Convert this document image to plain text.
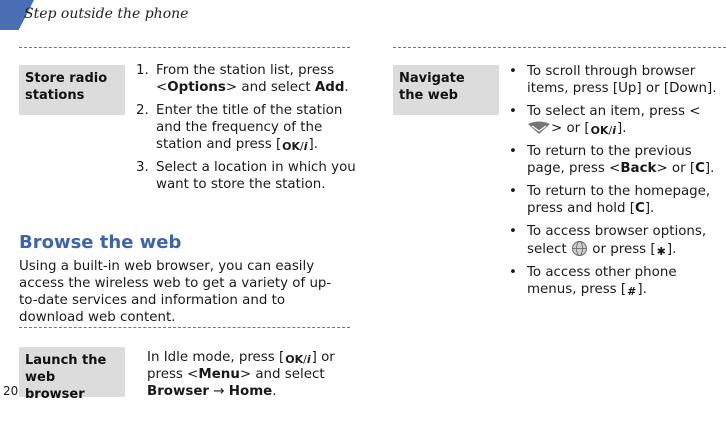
Step outside the phone
Store radio stations
1. From the station list, press <Options> and select Add.
2. Enter the title of the station and the frequency of the station and press [OK/i].
3. Select a location in which you want to store the station.
Browse the web
Using a built-in web browser, you can easily access the wireless web to get a variety of up-to-date services and information and to download web content.
Launch the web browser
In Idle mode, press [OK/i] or press <Menu> and select Browser → Home.
Navigate the web
• To scroll through browser items, press [Up] or [Down].
• To select an item, press <> or [OK/i].
• To return to the previous page, press <Back> or [C].
• To return to the homepage, press and hold [C].
• To access browser options, select  or press [✱].
• To access other phone menus, press [#].
20
